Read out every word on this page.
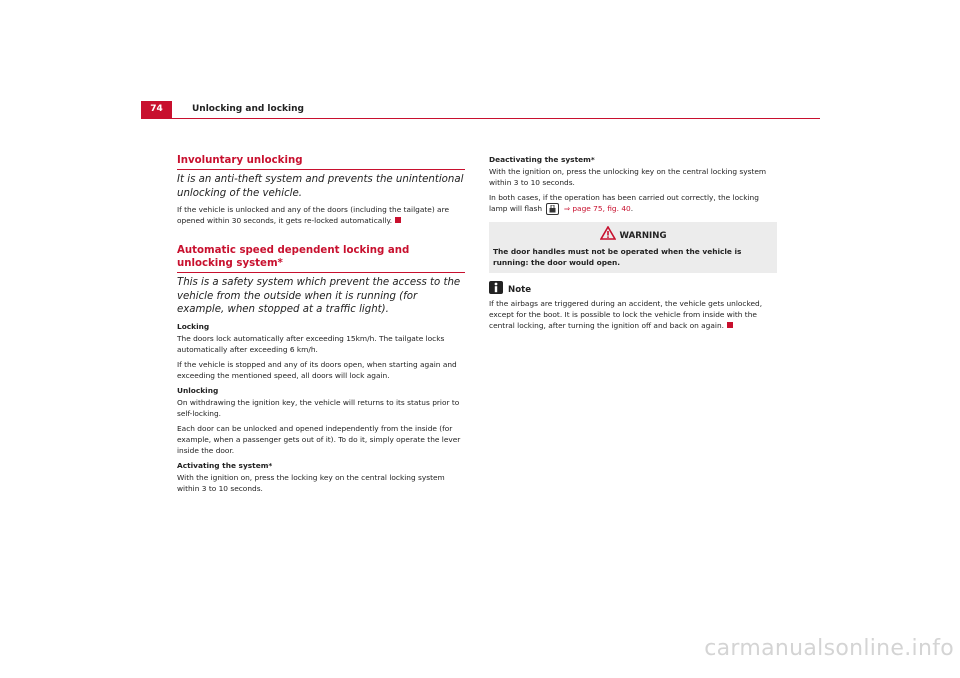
74	Unlocking and locking
Involuntary unlocking
It is an anti-theft system and prevents the unintentional unlocking of the vehicle.

If the vehicle is unlocked and any of the doors (including the tailgate) are opened within 30 seconds, it gets re-locked automatically.

Automatic speed dependent locking and unlocking system*
This is a safety system which prevent the access to the vehicle from the outside when it is running (for example, when stopped at a traffic light).
Locking

The doors lock automatically after exceeding 15km/h. The tailgate locks automatically after exceeding 6 km/h.

If the vehicle is stopped and any of its doors open, when starting again and exceeding the mentioned speed, all doors will lock again.

Unlocking

On withdrawing the ignition key, the vehicle will returns to its status prior to self-locking.

Each door can be unlocked and opened independently from the inside (for example, when a passenger gets out of it). To do it, simply operate the lever inside the door.

Activating the system*

With the ignition on, press the locking key on the central locking system within 3 to 10 seconds.

Deactivating the system*

With the ignition on, press the unlocking key on the central locking system within 3 to 10 seconds.

In both cases, if the operation has been carried out correctly, the locking lamp will flash	⇒ page 75, fig. 40.

WARNING
The door handles must not be operated when the vehicle is running: the door would open.
Note

If the airbags are triggered during an accident, the vehicle gets unlocked, except for the boot. It is possible to lock the vehicle from inside with the central locking, after turning the ignition off and back on again.

carmanualsonline.info
